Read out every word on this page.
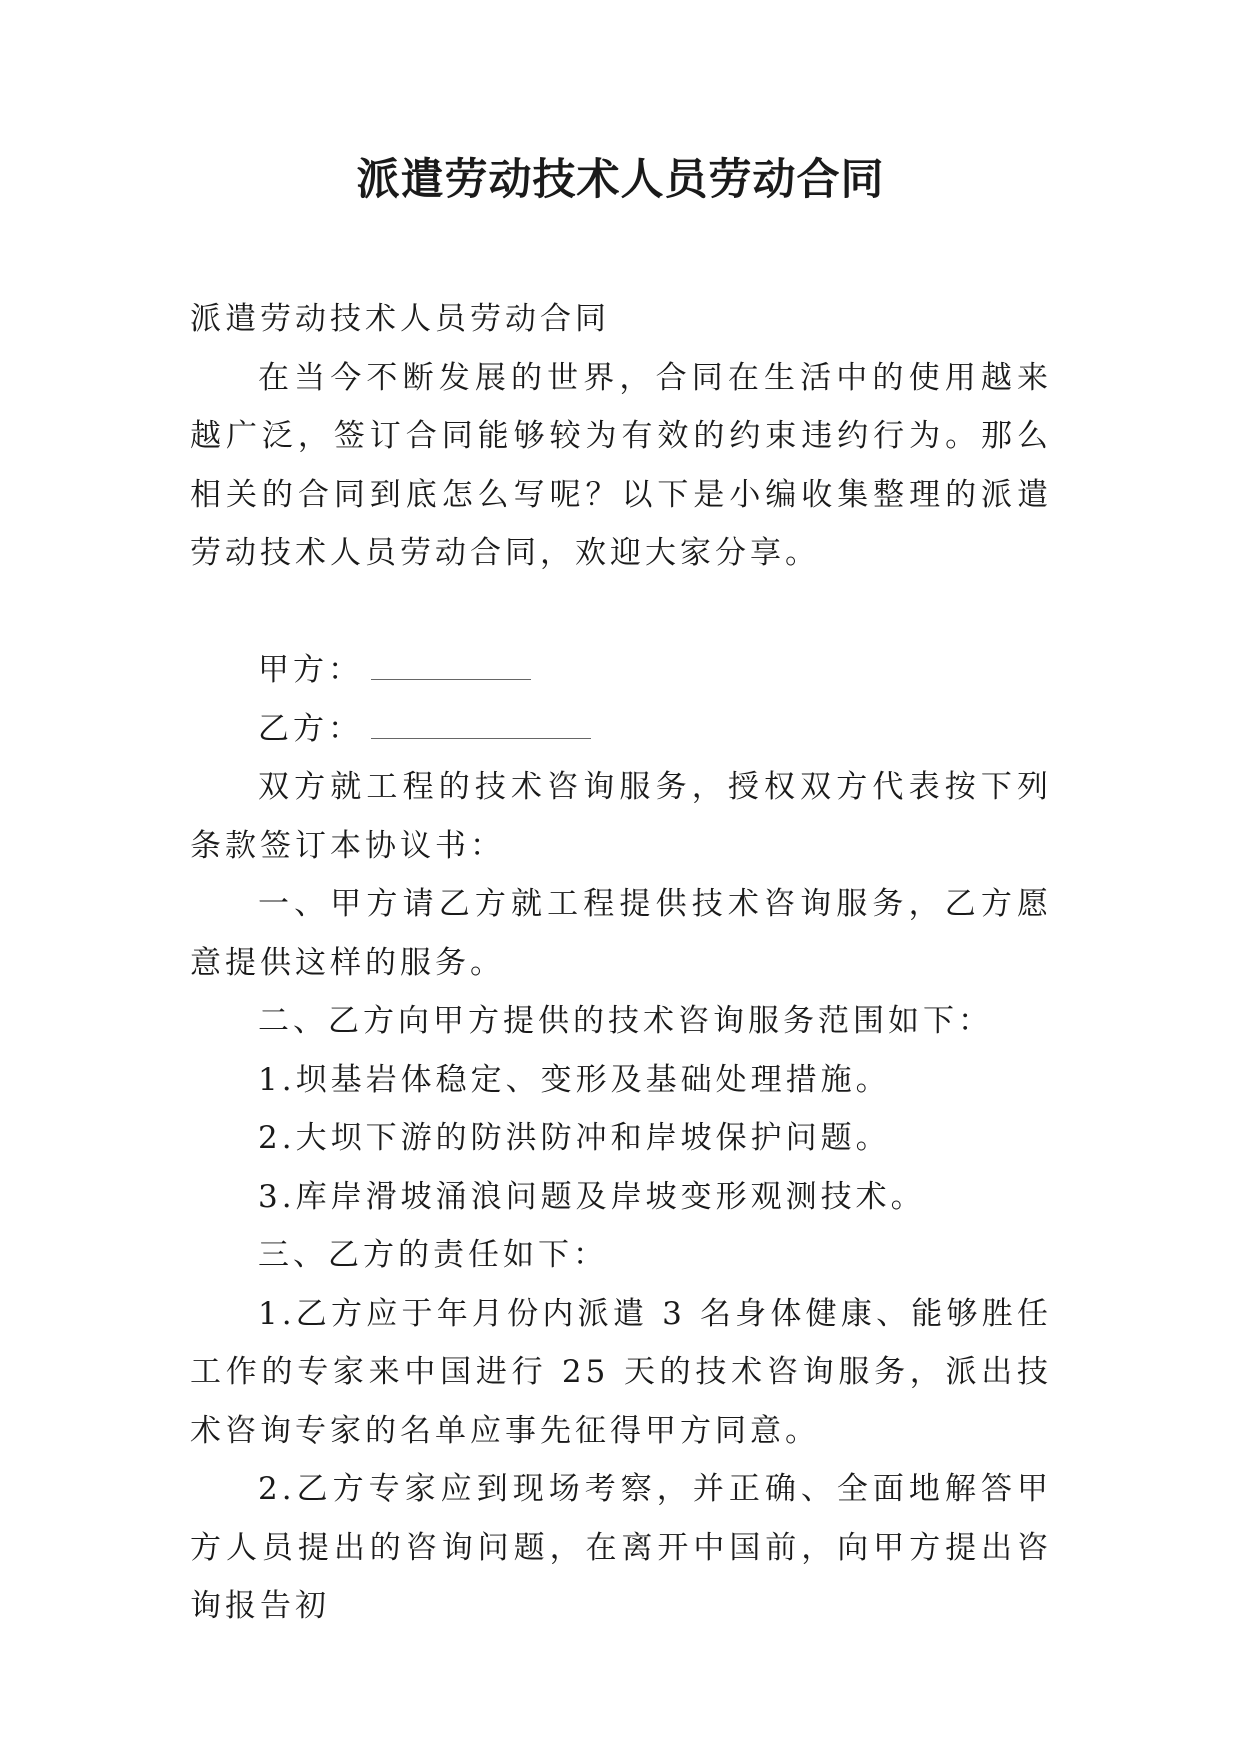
派遣劳动技术人员劳动合同

派遣劳动技术人员劳动合同

在当今不断发展的世界，合同在生活中的使用越来越广泛，签订合同能够较为有效的约束违约行为。那么相关的合同到底怎么写呢？以下是小编收集整理的派遣劳动技术人员劳动合同，欢迎大家分享。

甲方：

乙方：

双方就工程的技术咨询服务，授权双方代表按下列条款签订本协议书：

一、甲方请乙方就工程提供技术咨询服务，乙方愿意提供这样的服务。

二、乙方向甲方提供的技术咨询服务范围如下：

1.坝基岩体稳定、变形及基础处理措施。

2.大坝下游的防洪防冲和岸坡保护问题。

3.库岸滑坡涌浪问题及岸坡变形观测技术。

三、乙方的责任如下：

1.乙方应于年月份内派遣 3 名身体健康、能够胜任工作的专家来中国进行 25 天的技术咨询服务，派出技术咨询专家的名单应事先征得甲方同意。

2.乙方专家应到现场考察，并正确、全面地解答甲方人员提出的咨询问题，在离开中国前，向甲方提出咨询报告初
